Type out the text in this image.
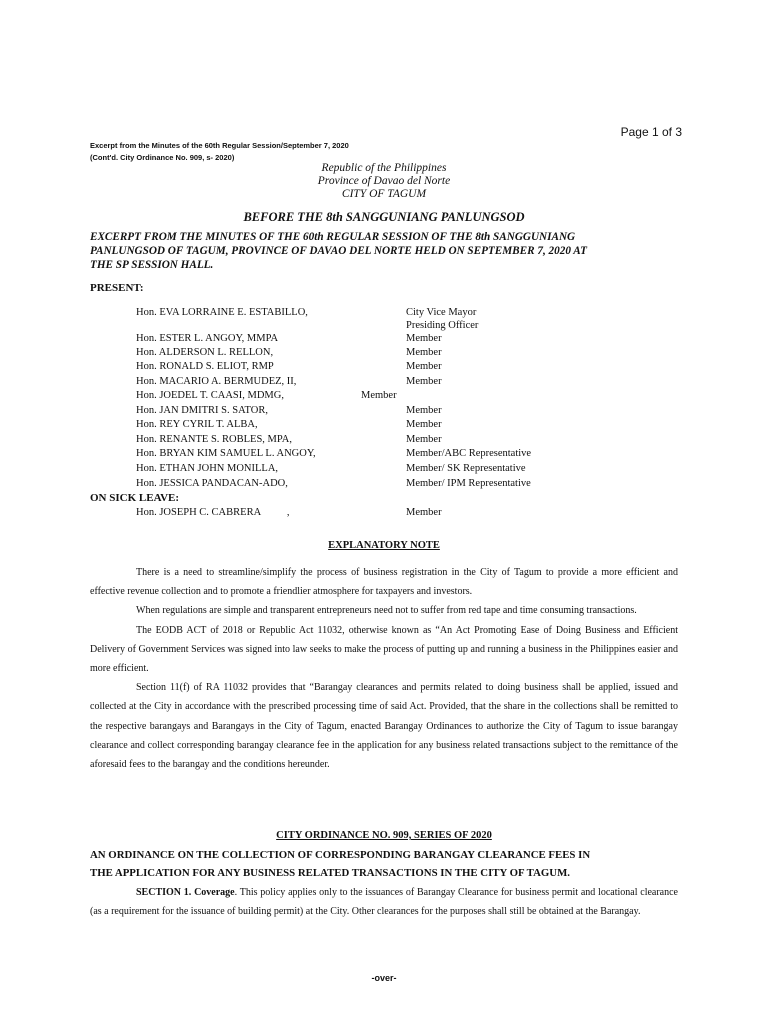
Page 1 of 3
Excerpt from the Minutes of the 60th Regular Session/September 7, 2020
(Cont'd. City Ordinance No. 909, s- 2020)
Republic of the Philippines
Province of Davao del Norte
CITY OF TAGUM
BEFORE THE 8th SANGGUNIANG PANLUNGSOD
EXCERPT FROM THE MINUTES OF THE 60th REGULAR SESSION OF THE 8th SANGGUNIANG
PANLUNGSOD OF TAGUM, PROVINCE OF DAVAO DEL NORTE HELD ON SEPTEMBER 7, 2020 AT
THE SP SESSION HALL.
PRESENT:
Hon. EVA LORRAINE E. ESTABILLO,	City Vice Mayor
Presiding Officer
Hon. ESTER L. ANGOY, MMPA	Member
Hon. ALDERSON L. RELLON,	Member
Hon. RONALD S. ELIOT, RMP	Member
Hon. MACARIO A. BERMUDEZ, II,	Member
Hon. JOEDEL T. CAASI, MDMG,	Member
Hon. JAN DMITRI S. SATOR,	Member
Hon. REY CYRIL T. ALBA,	Member
Hon. RENANTE S. ROBLES, MPA,	Member
Hon. BRYAN KIM SAMUEL L. ANGOY,	Member/ABC Representative
Hon. ETHAN JOHN MONILLA,	Member/ SK Representative
Hon. JESSICA PANDACAN-ADO,	Member/ IPM Representative
ON SICK LEAVE:
Hon. JOSEPH C. CABRERA          ,	Member
EXPLANATORY NOTE

There is a need to streamline/simplify the process of business registration in the City of Tagum to provide a more efficient and effective revenue collection and to promote a friendlier atmosphere for taxpayers and investors.

When regulations are simple and transparent entrepreneurs need not to suffer from red tape and time consuming transactions.

The EODB ACT of 2018 or Republic Act 11032, otherwise known as “An Act Promoting Ease of Doing Business and Efficient Delivery of Government Services was signed into law seeks to make the process of putting up and running a business in the Philippines easier and more efficient.

Section 11(f) of RA 11032 provides that “Barangay clearances and permits related to doing business shall be applied, issued and collected at the City in accordance with the prescribed processing time of said Act. Provided, that the share in the collections shall be remitted to the respective barangays and Barangays in the City of Tagum, enacted Barangay Ordinances to authorize the City of Tagum to issue barangay clearance and collect corresponding barangay clearance fee in the application for any business related transactions subject to the remittance of the aforesaid fees to the barangay and the conditions hereunder.

CITY ORDINANCE NO. 909, SERIES OF 2020
AN ORDINANCE ON THE COLLECTION OF CORRESPONDING BARANGAY CLEARANCE FEES IN
THE APPLICATION FOR ANY BUSINESS RELATED TRANSACTIONS IN THE CITY OF TAGUM.

SECTION 1. Coverage. This policy applies only to the issuances of Barangay Clearance for business permit and locational clearance (as a requirement for the issuance of building permit) at the City. Other clearances for the purposes shall still be obtained at the Barangay.

-over-
